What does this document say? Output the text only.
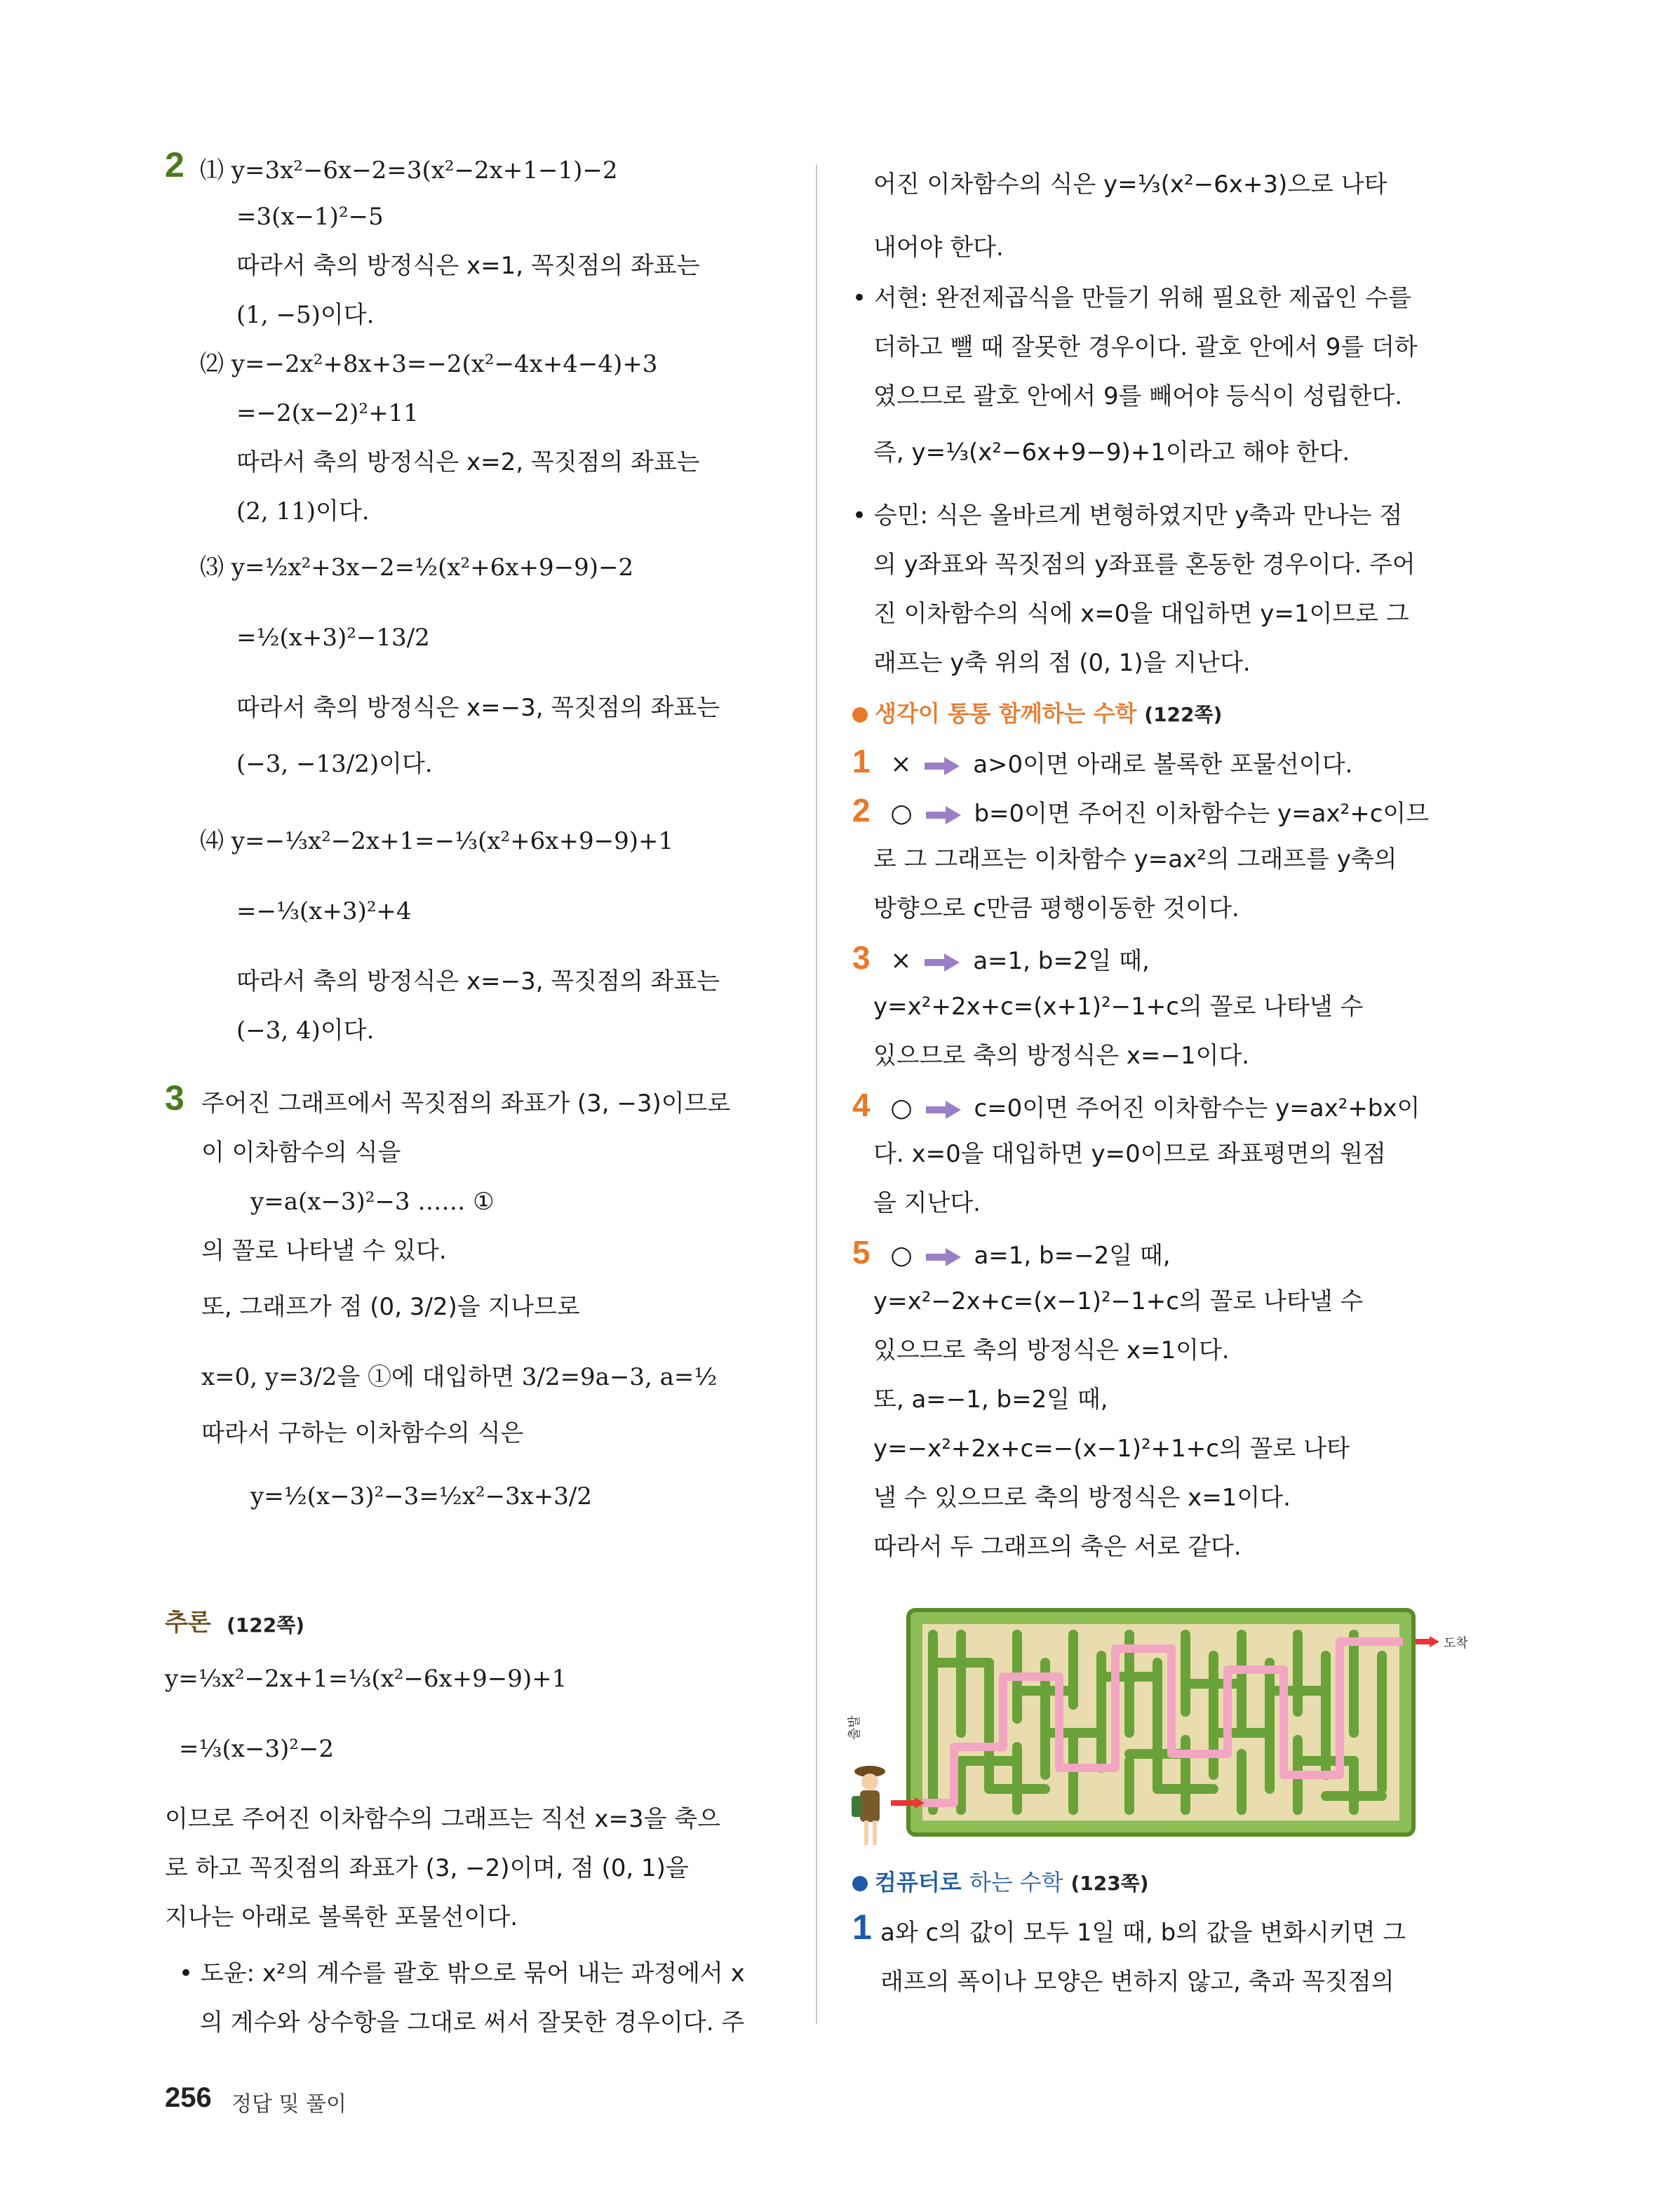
2 ⑴ y=3x²−6x−2=3(x²−2x+1−1)−2
=3(x−1)²−5
따라서 축의 방정식은 x=1, 꼭짓점의 좌표는
(1, −5)이다.
⑵ y=−2x²+8x+3=−2(x²−4x+4−4)+3
=−2(x−2)²+11
따라서 축의 방정식은 x=2, 꼭짓점의 좌표는
(2, 11)이다.
⑶ y=½x²+3x−2=½(x²+6x+9−9)−2
=½(x+3)²−13/2
따라서 축의 방정식은 x=−3, 꼭짓점의 좌표는
(−3, −13/2)이다.
⑷ y=−⅓x²−2x+1=−⅓(x²+6x+9−9)+1
=−⅓(x+3)²+4
따라서 축의 방정식은 x=−3, 꼭짓점의 좌표는
(−3, 4)이다.
3 주어진 그래프에서 꼭짓점의 좌표가 (3, −3)이므로
이 이차함수의 식을
y=a(x−3)²−3 …… ①
의 꼴로 나타낼 수 있다.
또, 그래프가 점 (0, 3/2)을 지나므로
x=0, y=3/2을 ①에 대입하면 3/2=9a−3, a=½
따라서 구하는 이차함수의 식은
y=½(x−3)²−3=½x²−3x+3/2
추론 (122쪽)
y=⅓x²−2x+1=⅓(x²−6x+9−9)+1
=⅓(x−3)²−2
이므로 주어진 이차함수의 그래프는 직선 x=3을 축으
로 하고 꼭짓점의 좌표가 (3, −2)이며, 점 (0, 1)을
지나는 아래로 볼록한 포물선이다.
• 도윤: x²의 계수를 괄호 밖으로 묶어 내는 과정에서 x
의 계수와 상수항을 그대로 써서 잘못한 경우이다. 주
어진 이차함수의 식은 y=⅓(x²−6x+3)으로 나타
내어야 한다.
• 서현: 완전제곱식을 만들기 위해 필요한 제곱인 수를
더하고 뺄 때 잘못한 경우이다. 괄호 안에서 9를 더하
였으므로 괄호 안에서 9를 빼어야 등식이 성립한다.
즉, y=⅓(x²−6x+9−9)+1이라고 해야 한다.
• 승민: 식은 올바르게 변형하였지만 y축과 만나는 점
의 y좌표와 꼭짓점의 y좌표를 혼동한 경우이다. 주어
진 이차함수의 식에 x=0을 대입하면 y=1이므로 그
래프는 y축 위의 점 (0, 1)을 지난다.
생각이 통통 함께하는 수학 (122쪽)
1 ×	a>0이면 아래로 볼록한 포물선이다.
2 ○	b=0이면 주어진 이차함수는 y=ax²+c이므
로 그 그래프는 이차함수 y=ax²의 그래프를 y축의
방향으로 c만큼 평행이동한 것이다.
3 ×	a=1, b=2일 때,
y=x²+2x+c=(x+1)²−1+c의 꼴로 나타낼 수
있으므로 축의 방정식은 x=−1이다.
4 ○	c=0이면 주어진 이차함수는 y=ax²+bx이
다. x=0을 대입하면 y=0이므로 좌표평면의 원점
을 지난다.
5 ○	a=1, b=−2일 때,
y=x²−2x+c=(x−1)²−1+c의 꼴로 나타낼 수
있으므로 축의 방정식은 x=1이다.
또, a=−1, b=2일 때,
y=−x²+2x+c=−(x−1)²+1+c의 꼴로 나타
낼 수 있으므로 축의 방정식은 x=1이다.
따라서 두 그래프의 축은 서로 같다.
컴퓨터로 하는 수학 (123쪽)
1 a와 c의 값이 모두 1일 때, b의 값을 변화시키면 그
래프의 폭이나 모양은 변하지 않고, 축과 꼭짓점의
도착
출발
256 정답 및 풀이
